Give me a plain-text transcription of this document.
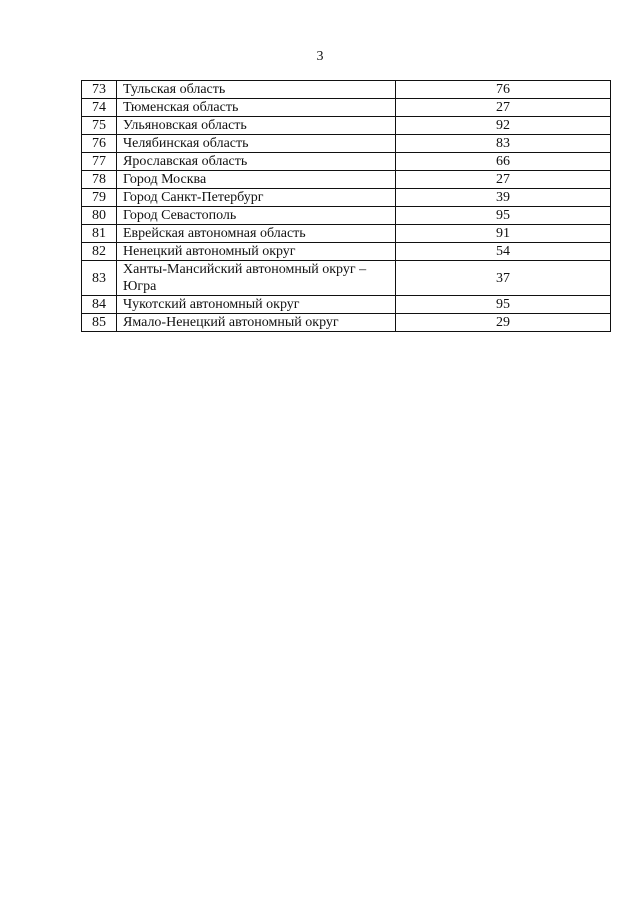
3
73	Тульская область	76
74	Тюменская область	27
75	Ульяновская область	92
76	Челябинская область	83
77	Ярославская область	66
78	Город Москва	27
79	Город Санкт-Петербург	39
80	Город Севастополь	95
81	Еврейская автономная область	91
82	Ненецкий автономный округ	54
83	Ханты-Мансийский автономный округ – Югра	37
84	Чукотский автономный округ	95
85	Ямало-Ненецкий автономный округ	29
